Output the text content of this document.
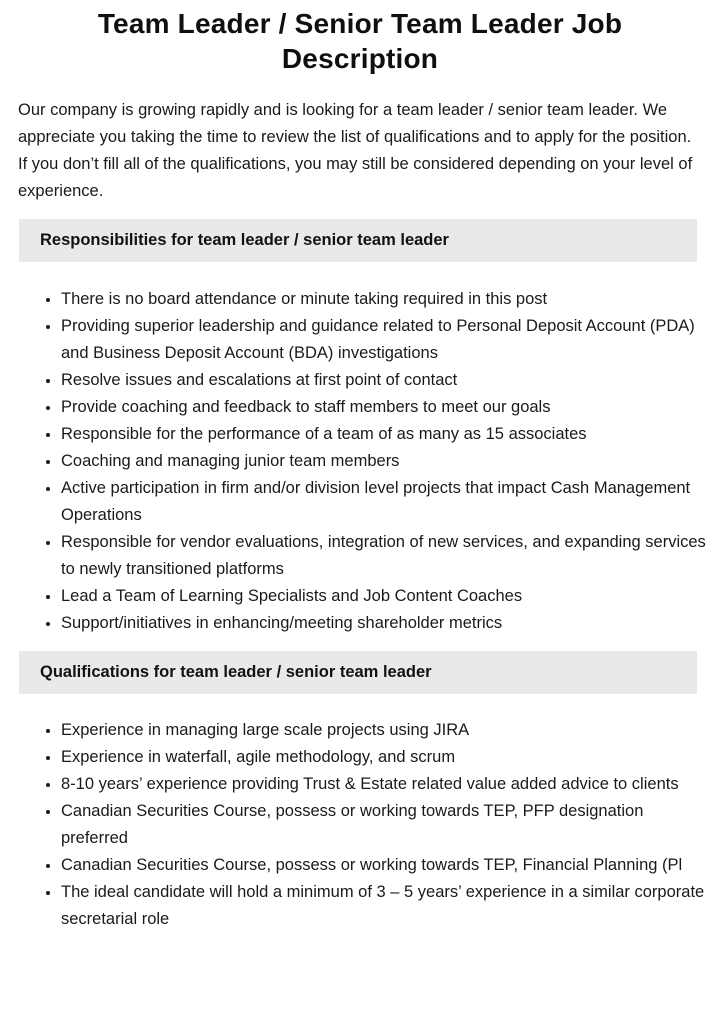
Team Leader / Senior Team Leader Job Description

Our company is growing rapidly and is looking for a team leader / senior team leader. We appreciate you taking the time to review the list of qualifications and to apply for the position. If you don’t fill all of the qualifications, you may still be considered depending on your level of experience.

Responsibilities for team leader / senior team leader
• There is no board attendance or minute taking required in this post
• Providing superior leadership and guidance related to Personal Deposit Account (PDA) and Business Deposit Account (BDA) investigations
• Resolve issues and escalations at first point of contact
• Provide coaching and feedback to staff members to meet our goals
• Responsible for the performance of a team of as many as 15 associates
• Coaching and managing junior team members
• Active participation in firm and/or division level projects that impact Cash Management Operations
• Responsible for vendor evaluations, integration of new services, and expanding services to newly transitioned platforms
• Lead a Team of Learning Specialists and Job Content Coaches
• Support/initiatives in enhancing/meeting shareholder metrics
Qualifications for team leader / senior team leader
• Experience in managing large scale projects using JIRA
• Experience in waterfall, agile methodology, and scrum
• 8-10 years’ experience providing Trust & Estate related value added advice to clients
• Canadian Securities Course, possess or working towards TEP, PFP designation preferred
• Canadian Securities Course, possess or working towards TEP, Financial Planning (Pl
• The ideal candidate will hold a minimum of 3 – 5 years’ experience in a similar corporate secretarial role
